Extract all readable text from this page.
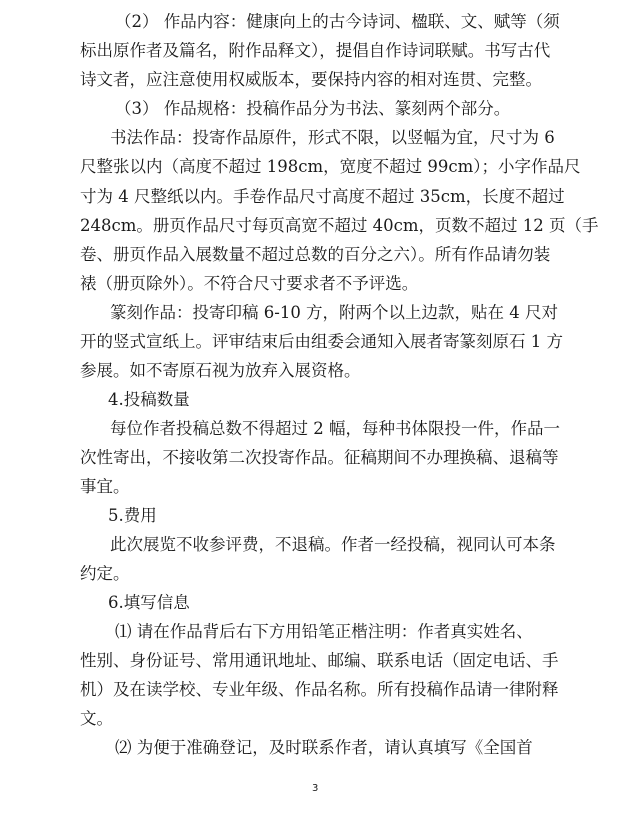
（2） 作品内容：健康向上的古今诗词、楹联、文、赋等（须
标出原作者及篇名，附作品释文），提倡自作诗词联赋。书写古代
诗文者，应注意使用权威版本，要保持内容的相对连贯、完整。
（3） 作品规格：投稿作品分为书法、篆刻两个部分。
书法作品：投寄作品原件，形式不限，以竖幅为宜，尺寸为 6
尺整张以内（高度不超过 198cm，宽度不超过 99cm）；小字作品尺
寸为 4 尺整纸以内。手卷作品尺寸高度不超过 35cm，长度不超过
248cm。册页作品尺寸每页高宽不超过 40cm，页数不超过 12 页（手
卷、册页作品入展数量不超过总数的百分之六）。所有作品请勿装
裱（册页除外）。不符合尺寸要求者不予评选。
篆刻作品：投寄印稿 6-10 方，附两个以上边款，贴在 4 尺对
开的竖式宣纸上。评审结束后由组委会通知入展者寄篆刻原石 1 方
参展。如不寄原石视为放弃入展资格。
4.投稿数量
每位作者投稿总数不得超过 2 幅，每种书体限投一件，作品一
次性寄出，不接收第二次投寄作品。征稿期间不办理换稿、退稿等
事宜。
5.费用
此次展览不收参评费，不退稿。作者一经投稿，视同认可本条
约定。
6.填写信息
⑴ 请在作品背后右下方用铅笔正楷注明：作者真实姓名、
性别、身份证号、常用通讯地址、邮编、联系电话（固定电话、手
机）及在读学校、专业年级、作品名称。所有投稿作品请一律附释
文。
⑵ 为便于准确登记，及时联系作者，请认真填写《全国首
3
